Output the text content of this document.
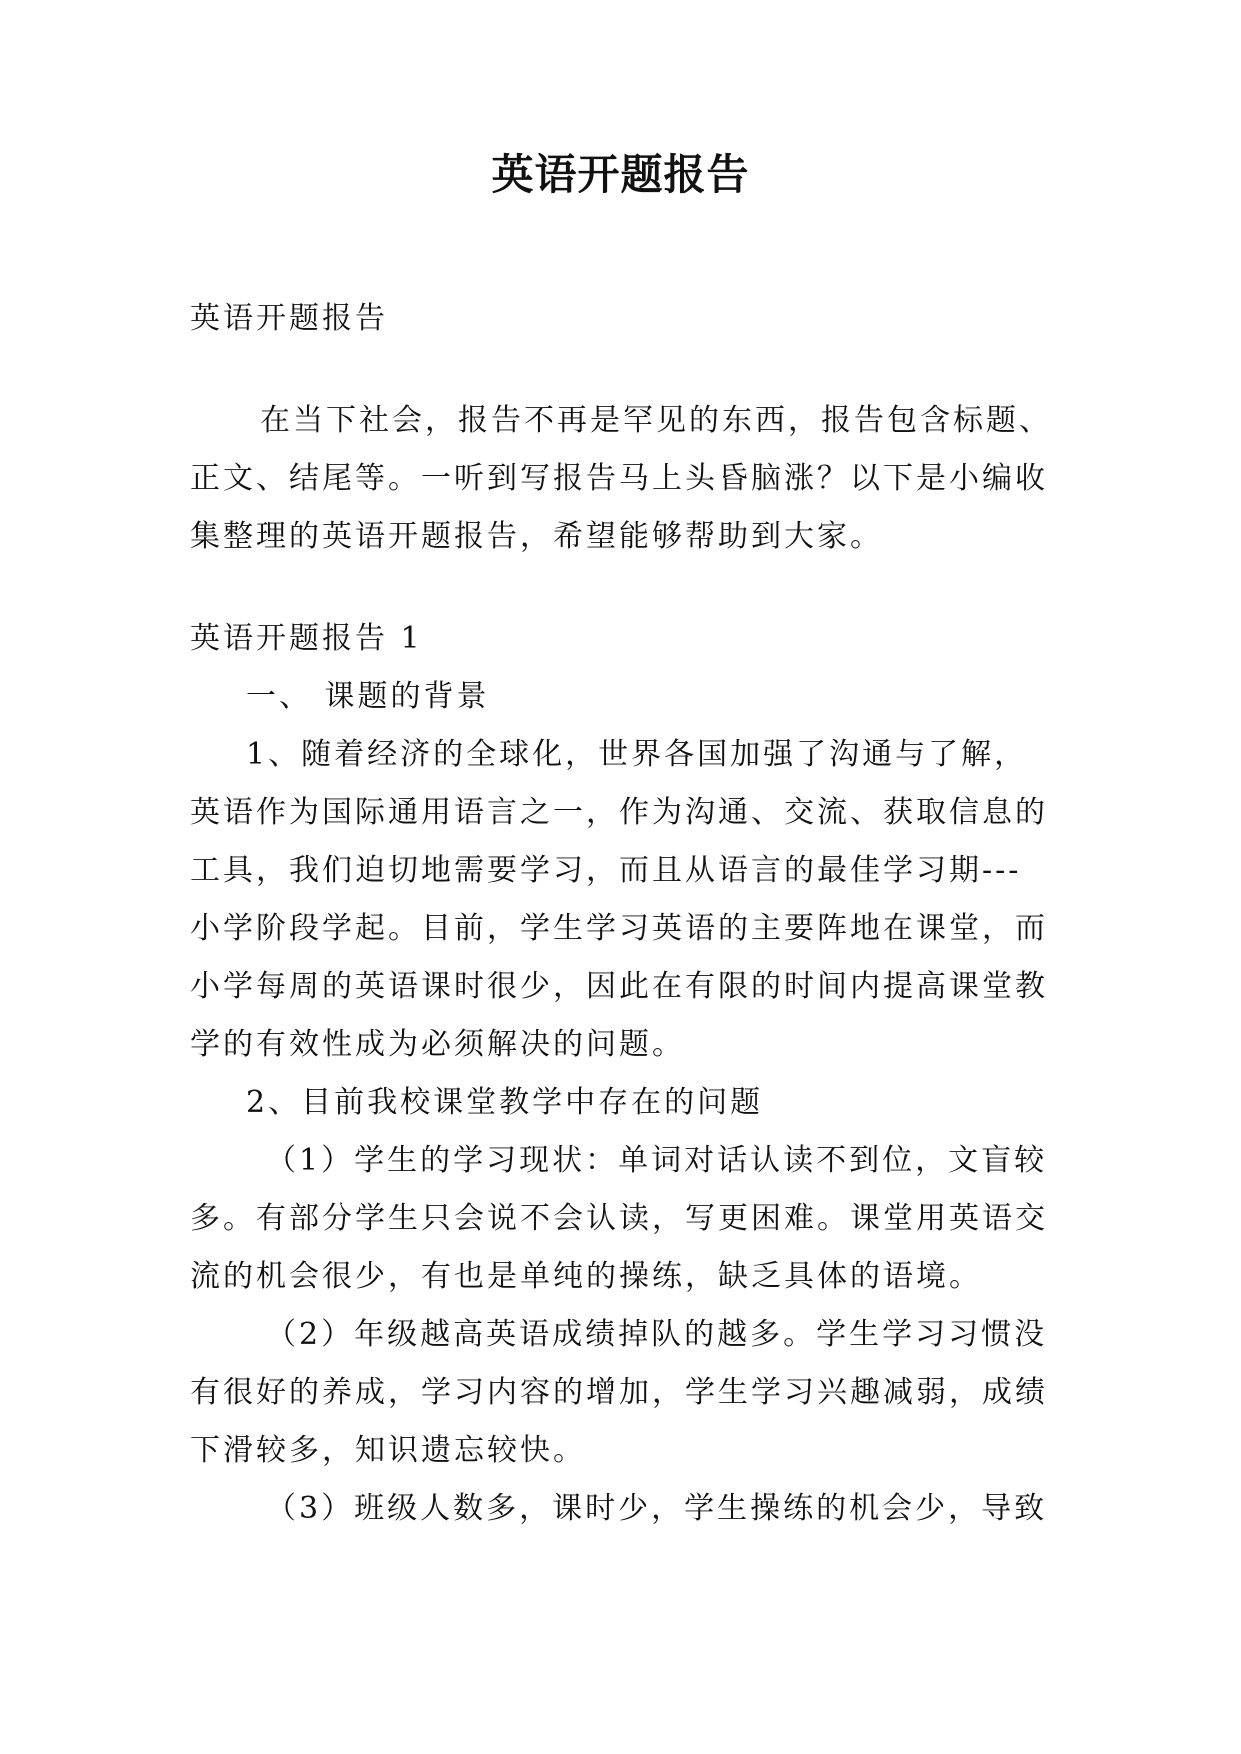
英语开题报告
英语开题报告
在当下社会，报告不再是罕见的东西，报告包含标题、
正文、结尾等。一听到写报告马上头昏脑涨？以下是小编收
集整理的英语开题报告，希望能够帮助到大家。
英语开题报告 1
一、 课题的背景
1、随着经济的全球化，世界各国加强了沟通与了解，
英语作为国际通用语言之一，作为沟通、交流、获取信息的
工具，我们迫切地需要学习，而且从语言的最佳学习期---
小学阶段学起。目前，学生学习英语的主要阵地在课堂，而
小学每周的英语课时很少，因此在有限的时间内提高课堂教
学的有效性成为必须解决的问题。
2、目前我校课堂教学中存在的问题
（1）学生的学习现状：单词对话认读不到位，文盲较
多。有部分学生只会说不会认读，写更困难。课堂用英语交
流的机会很少，有也是单纯的操练，缺乏具体的语境。
（2）年级越高英语成绩掉队的越多。学生学习习惯没
有很好的养成，学习内容的增加，学生学习兴趣减弱，成绩
下滑较多，知识遗忘较快。
（3）班级人数多，课时少，学生操练的机会少，导致
